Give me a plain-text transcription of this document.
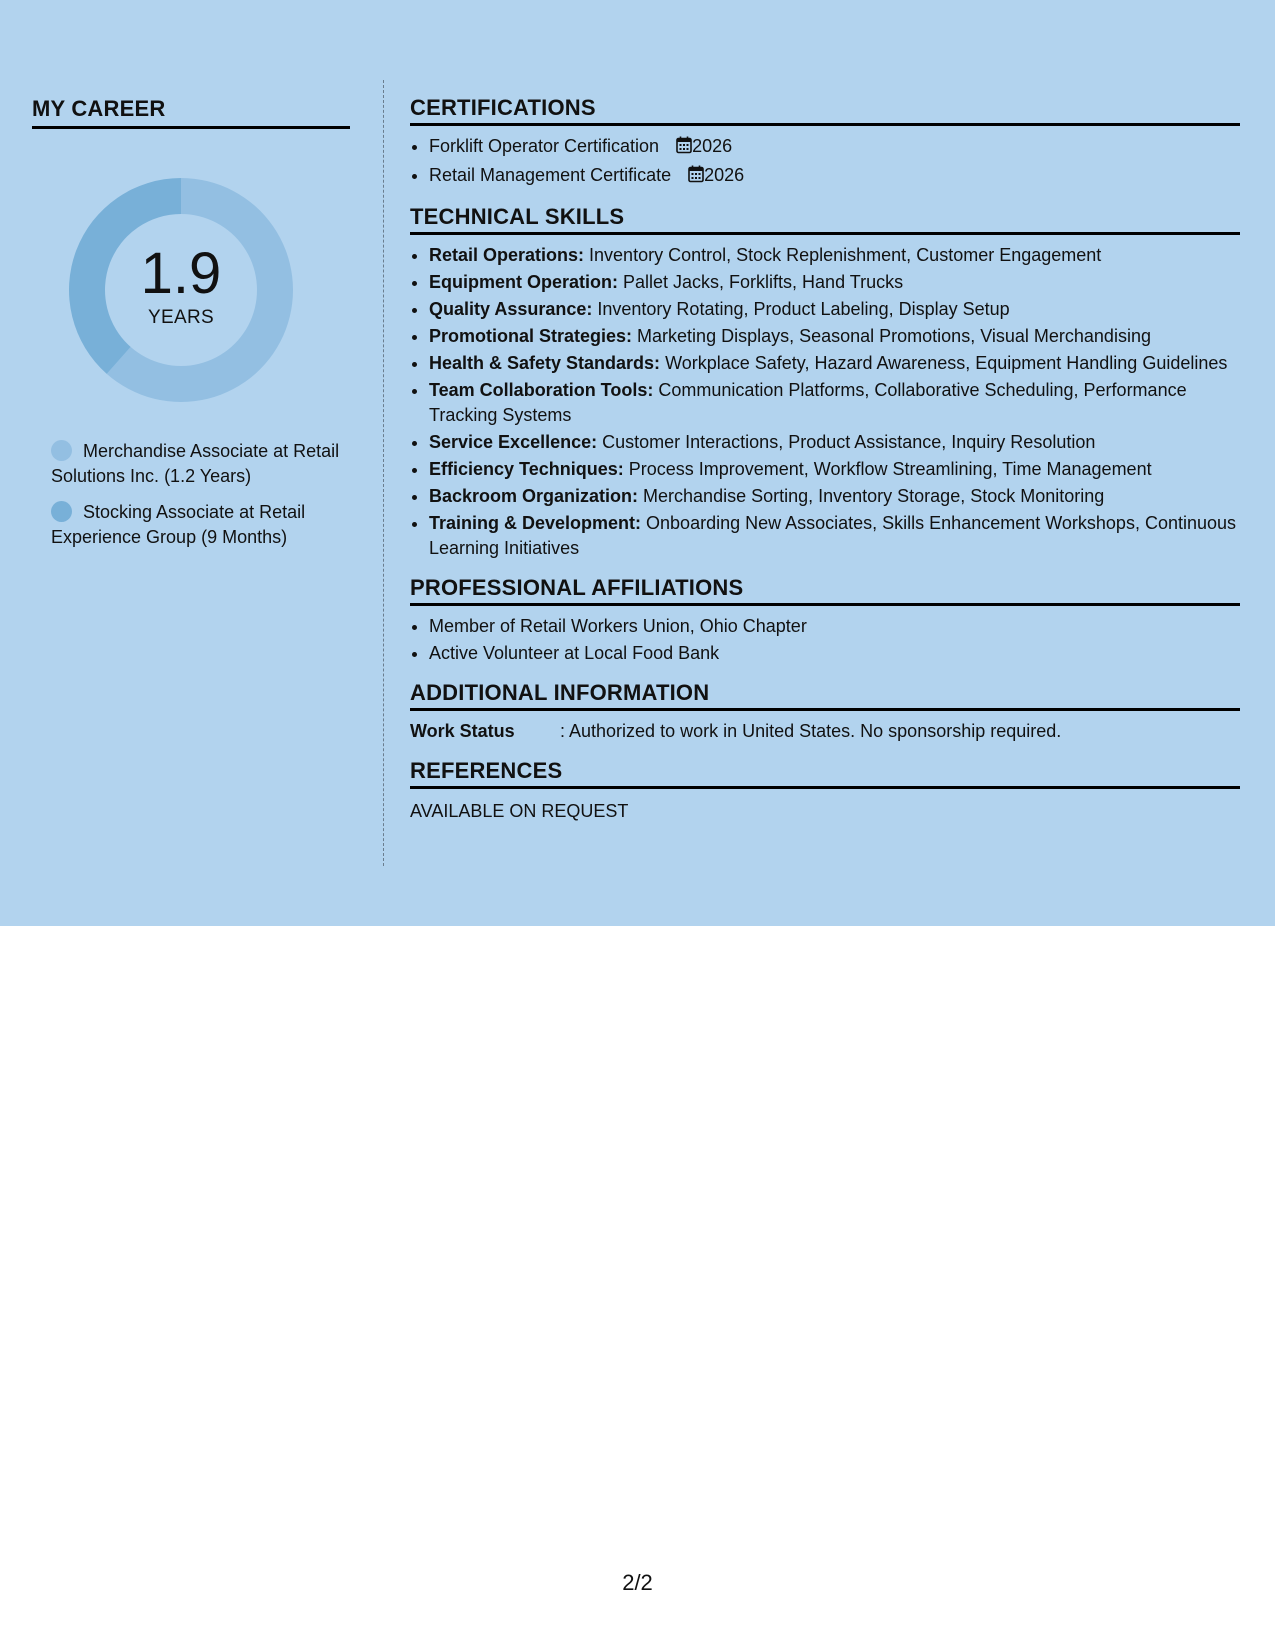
MY CAREER
1.9
YEARS
Merchandise Associate at Retail Solutions Inc. (1.2 Years)
Stocking Associate at Retail Experience Group (9 Months)
CERTIFICATIONS
• Forklift Operator Certification 2026
• Retail Management Certificate 2026
TECHNICAL SKILLS
• Retail Operations: Inventory Control, Stock Replenishment, Customer Engagement
• Equipment Operation: Pallet Jacks, Forklifts, Hand Trucks
• Quality Assurance: Inventory Rotating, Product Labeling, Display Setup
• Promotional Strategies: Marketing Displays, Seasonal Promotions, Visual Merchandising
• Health & Safety Standards: Workplace Safety, Hazard Awareness, Equipment Handling Guidelines
• Team Collaboration Tools: Communication Platforms, Collaborative Scheduling, Performance Tracking Systems
• Service Excellence: Customer Interactions, Product Assistance, Inquiry Resolution
• Efficiency Techniques: Process Improvement, Workflow Streamlining, Time Management
• Backroom Organization: Merchandise Sorting, Inventory Storage, Stock Monitoring
• Training & Development: Onboarding New Associates, Skills Enhancement Workshops, Continuous Learning Initiatives
PROFESSIONAL AFFILIATIONS
• Member of Retail Workers Union, Ohio Chapter
• Active Volunteer at Local Food Bank
ADDITIONAL INFORMATION
Work Status	: Authorized to work in United States. No sponsorship required.
REFERENCES
AVAILABLE ON REQUEST
2/2
